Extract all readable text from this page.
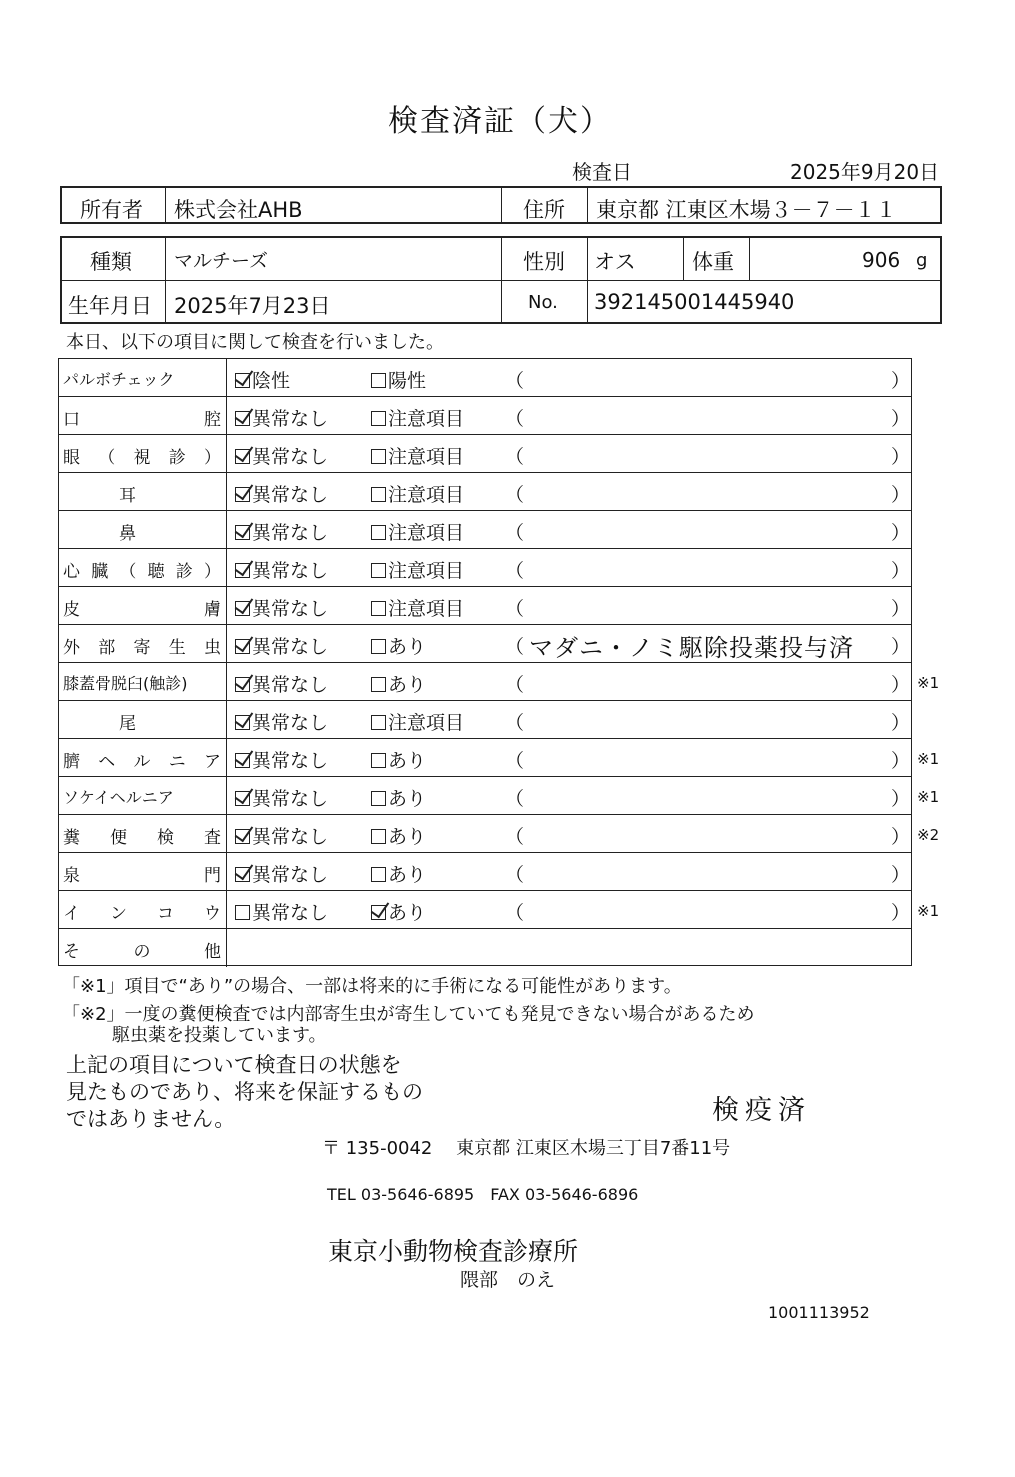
検査済証（犬）
検査日	2025年9月20日
所有者 株式会社AHB	住所 東京都 江東区木場３－７－１１
種類 マルチーズ	性別 オス	体重	906 g
生年月日 2025年7月23日	No. 392145001445940
本日、以下の項目に関して検査を行いました。
パルボチェック	陰性	陽性	（	）
口腔	異常なし	注意項目 （	）
眼（視診）	異常なし	注意項目 （	）
耳	異常なし	注意項目 （	）
鼻	異常なし	注意項目 （	）
心臓（聴診）	異常なし	注意項目 （	）
皮膚	異常なし	注意項目 （	）
外部寄生虫	異常なし	あり	（ マダニ・ノミ駆除投薬投与済 ）
膝蓋骨脱臼(触診)	異常なし	あり	（	） ※1
尾	異常なし	注意項目 （	）
臍ヘルニア	異常なし	あり	（	） ※1
ソケイヘルニア	異常なし	あり	（	） ※1
糞便検査	異常なし	あり	（	） ※2
泉門	異常なし	あり	（	）
インコウ	異常なし	あり	（	） ※1
その他
「※1」項目で“あり”の場合、一部は将来的に手術になる可能性があります。
「※2」一度の糞便検査では内部寄生虫が寄生していても発見できない場合があるため
駆虫薬を投薬しています。
上記の項目について検査日の状態を
見たものであり、将来を保証するもの
ではありません。	検疫済
〒 135-0042　 東京都 江東区木場三丁目7番11号
TEL 03-5646-6895　FAX 03-5646-6896
東京小動物検査診療所
隈部　のえ
1001113952
